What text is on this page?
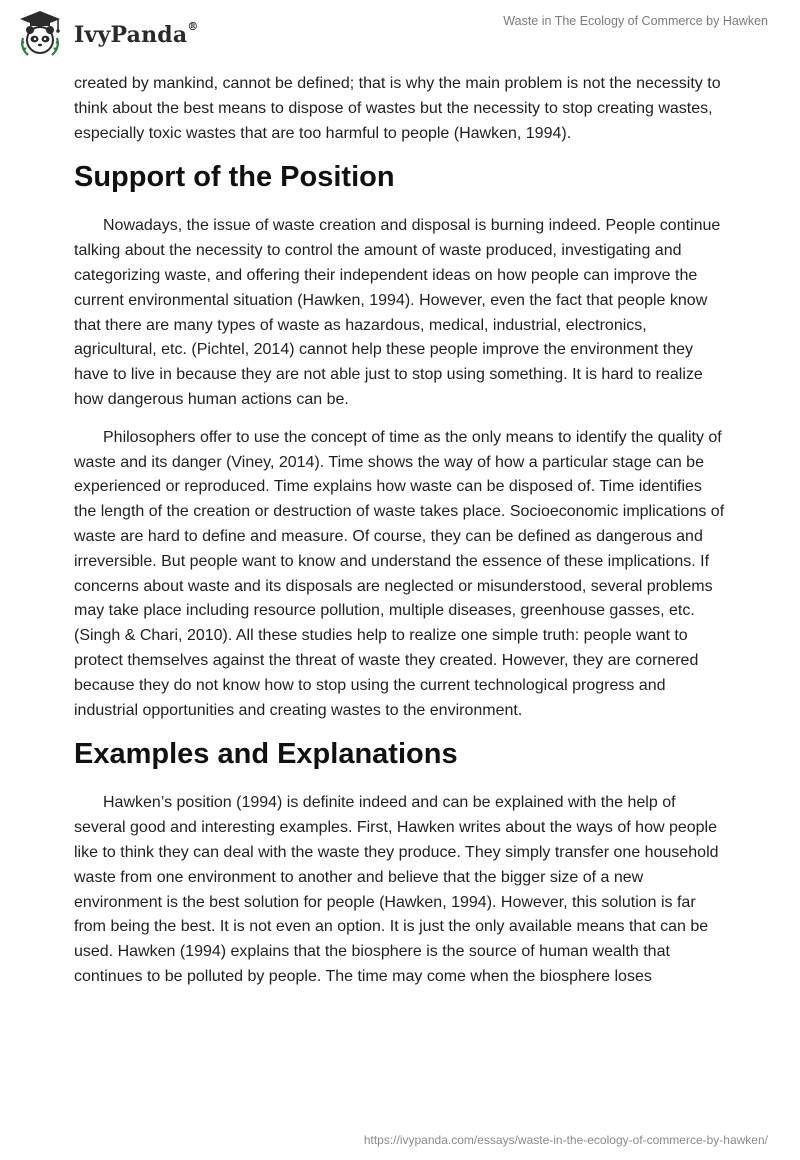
IvyPanda®	Waste in The Ecology of Commerce by Hawken

created by mankind, cannot be defined; that is why the main problem is not the necessity to think about the best means to dispose of wastes but the necessity to stop creating wastes, especially toxic wastes that are too harmful to people (Hawken, 1994).

Support of the Position

Nowadays, the issue of waste creation and disposal is burning indeed. People continue talking about the necessity to control the amount of waste produced, investigating and categorizing waste, and offering their independent ideas on how people can improve the current environmental situation (Hawken, 1994). However, even the fact that people know that there are many types of waste as hazardous, medical, industrial, electronics, agricultural, etc. (Pichtel, 2014) cannot help these people improve the environment they have to live in because they are not able just to stop using something. It is hard to realize how dangerous human actions can be.

Philosophers offer to use the concept of time as the only means to identify the quality of waste and its danger (Viney, 2014). Time shows the way of how a particular stage can be experienced or reproduced. Time explains how waste can be disposed of. Time identifies the length of the creation or destruction of waste takes place. Socioeconomic implications of waste are hard to define and measure. Of course, they can be defined as dangerous and irreversible. But people want to know and understand the essence of these implications. If concerns about waste and its disposals are neglected or misunderstood, several problems may take place including resource pollution, multiple diseases, greenhouse gasses, etc. (Singh & Chari, 2010). All these studies help to realize one simple truth: people want to protect themselves against the threat of waste they created. However, they are cornered because they do not know how to stop using the current technological progress and industrial opportunities and creating wastes to the environment.

Examples and Explanations

Hawken’s position (1994) is definite indeed and can be explained with the help of several good and interesting examples. First, Hawken writes about the ways of how people like to think they can deal with the waste they produce. They simply transfer one household waste from one environment to another and believe that the bigger size of a new environment is the best solution for people (Hawken, 1994). However, this solution is far from being the best. It is not even an option. It is just the only available means that can be used. Hawken (1994) explains that the biosphere is the source of human wealth that continues to be polluted by people. The time may come when the biosphere loses

https://ivypanda.com/essays/waste-in-the-ecology-of-commerce-by-hawken/
